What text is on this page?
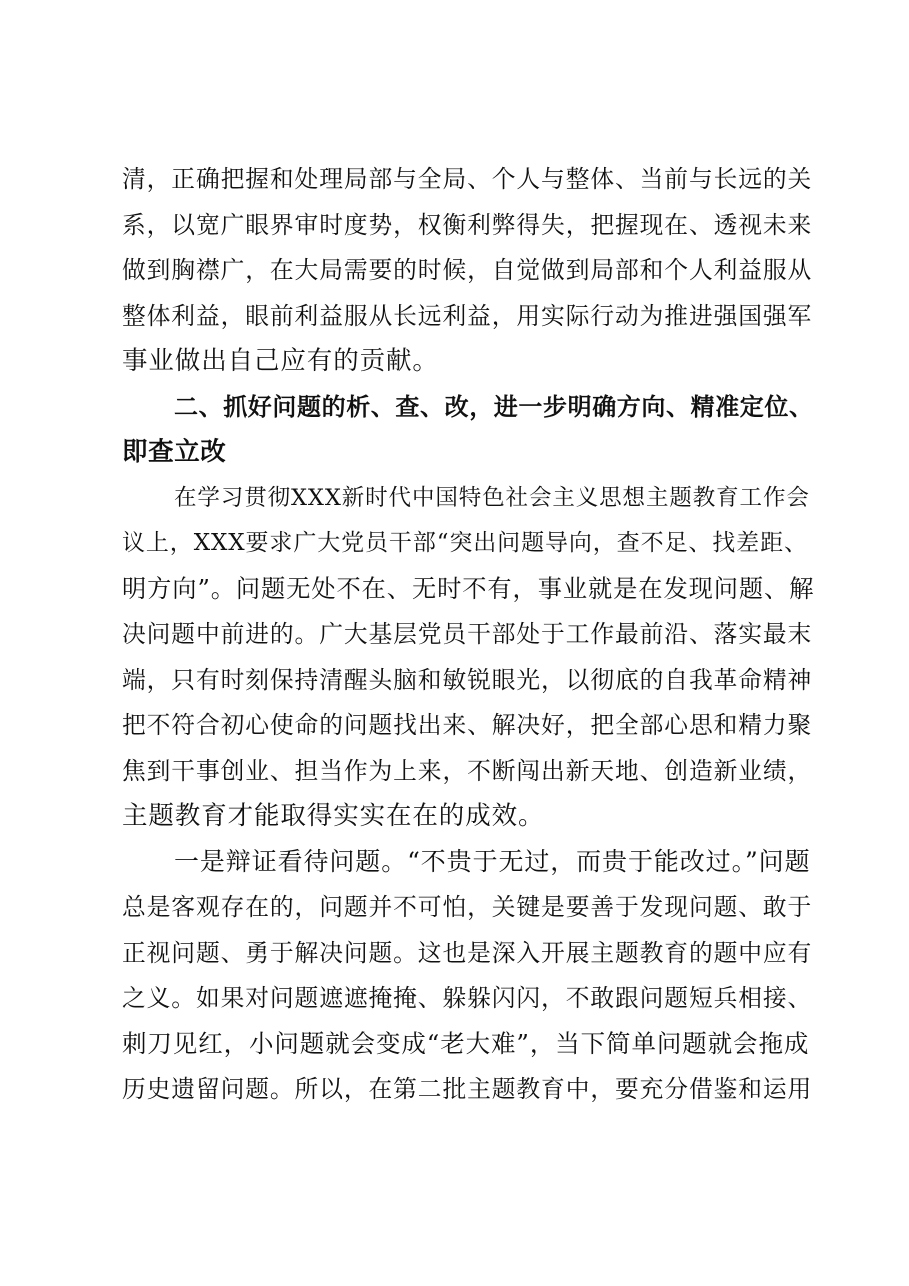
清，正确把握和处理局部与全局、个人与整体、当前与长远的关
系，以宽广眼界审时度势，权衡利弊得失，把握现在、透视未来
做到胸襟广，在大局需要的时候，自觉做到局部和个人利益服从
整体利益，眼前利益服从长远利益，用实际行动为推进强国强军
事业做出自己应有的贡献。
二、抓好问题的析、查、改，进一步明确方向、精准定位、
即查立改
在学习贯彻XXX新时代中国特色社会主义思想主题教育工作会
议上，XXX要求广大党员干部“突出问题导向，查不足、找差距、
明方向”。问题无处不在、无时不有，事业就是在发现问题、解
决问题中前进的。广大基层党员干部处于工作最前沿、落实最末
端，只有时刻保持清醒头脑和敏锐眼光，以彻底的自我革命精神
把不符合初心使命的问题找出来、解决好，把全部心思和精力聚
焦到干事创业、担当作为上来，不断闯出新天地、创造新业绩，
主题教育才能取得实实在在的成效。
一是辩证看待问题。“不贵于无过，而贵于能改过。”问题
总是客观存在的，问题并不可怕，关键是要善于发现问题、敢于
正视问题、勇于解决问题。这也是深入开展主题教育的题中应有
之义。如果对问题遮遮掩掩、躲躲闪闪，不敢跟问题短兵相接、
刺刀见红，小问题就会变成“老大难”，当下简单问题就会拖成
历史遗留问题。所以，在第二批主题教育中，要充分借鉴和运用
